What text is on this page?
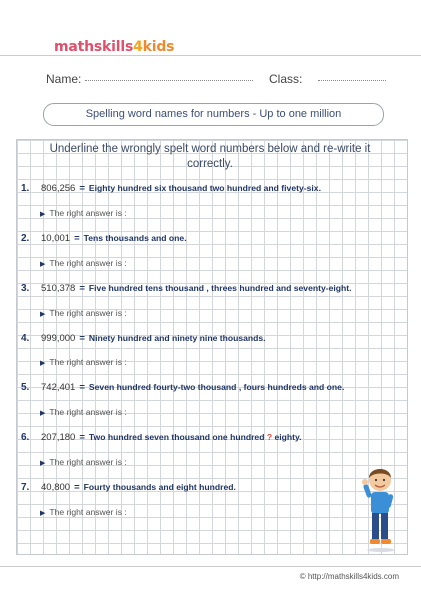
mathskills4kids
Name:	Class:
Spelling word names for numbers - Up to one million
Underline the wrongly spelt word numbers below and re-write it correctly.
1. 806,256 = Eighty hundred six thousand two hundred and fivety-six.
▶ The right answer is :
2. 10,001 = Tens thousands and one.
▶ The right answer is :
3. 510,378 = Five hundred tens thousand , threes hundred and seventy-eight.
▶ The right answer is :
4. 999,000 = Ninety hundred and ninety nine thousands.
▶ The right answer is :
5. 742,401 = Seven hundred fourty-two thousand , fours hundreds and one.
▶ The right answer is :
6. 207,180 = Two hundred seven thousand one hundred ? eighty.
▶ The right answer is :
7. 40,800 = Fourty thousands and eight hundred.
▶ The right answer is :
© http://mathskills4kids.com
